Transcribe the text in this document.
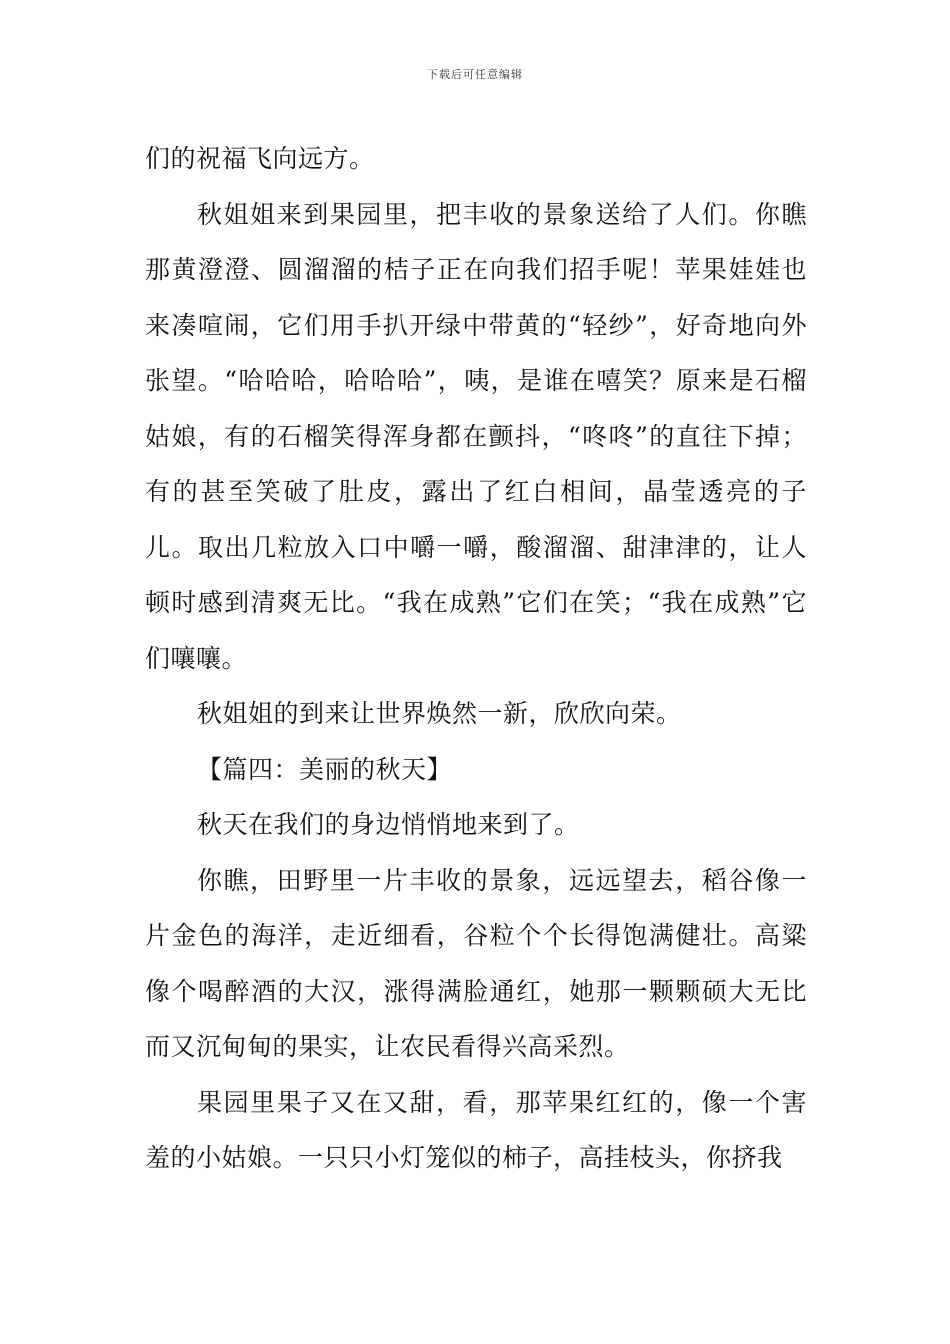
下载后可任意编辑

们的祝福飞向远方。

秋姐姐来到果园里，把丰收的景象送给了人们。你瞧那黄澄澄、圆溜溜的桔子正在向我们招手呢！苹果娃娃也来凑喧闹，它们用手扒开绿中带黄的“轻纱”，好奇地向外张望。“哈哈哈，哈哈哈”，咦，是谁在嘻笑？原来是石榴姑娘，有的石榴笑得浑身都在颤抖，“咚咚”的直往下掉；有的甚至笑破了肚皮，露出了红白相间，晶莹透亮的子儿。取出几粒放入口中嚼一嚼，酸溜溜、甜津津的，让人顿时感到清爽无比。“我在成熟”它们在笑；“我在成熟”它们嚷嚷。

秋姐姐的到来让世界焕然一新，欣欣向荣。

【篇四：美丽的秋天】

秋天在我们的身边悄悄地来到了。

你瞧，田野里一片丰收的景象，远远望去，稻谷像一片金色的海洋，走近细看，谷粒个个长得饱满健壮。高粱像个喝醉酒的大汉，涨得满脸通红，她那一颗颗硕大无比而又沉甸甸的果实，让农民看得兴高采烈。

果园里果子又在又甜，看，那苹果红红的，像一个害羞的小姑娘。一只只小灯笼似的柿子，高挂枝头，你挤我
